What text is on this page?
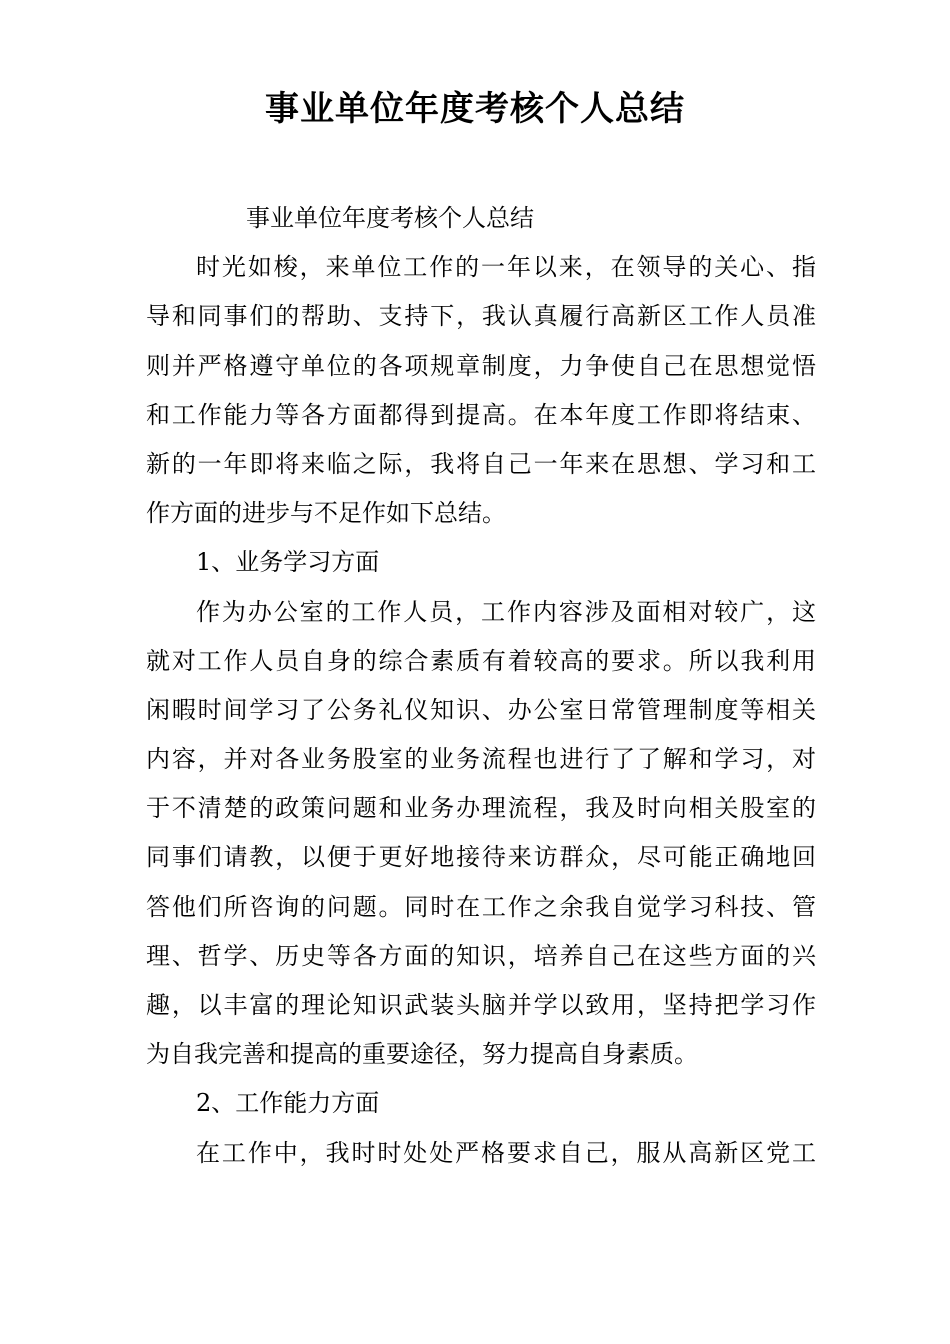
事业单位年度考核个人总结
事业单位年度考核个人总结
时光如梭，来单位工作的一年以来，在领导的关心、指
导和同事们的帮助、支持下，我认真履行高新区工作人员准
则并严格遵守单位的各项规章制度，力争使自己在思想觉悟
和工作能力等各方面都得到提高。在本年度工作即将结束、
新的一年即将来临之际，我将自己一年来在思想、学习和工
作方面的进步与不足作如下总结。
1、业务学习方面
作为办公室的工作人员，工作内容涉及面相对较广，这
就对工作人员自身的综合素质有着较高的要求。所以我利用
闲暇时间学习了公务礼仪知识、办公室日常管理制度等相关
内容，并对各业务股室的业务流程也进行了了解和学习，对
于不清楚的政策问题和业务办理流程，我及时向相关股室的
同事们请教，以便于更好地接待来访群众，尽可能正确地回
答他们所咨询的问题。同时在工作之余我自觉学习科技、管
理、哲学、历史等各方面的知识，培养自己在这些方面的兴
趣，以丰富的理论知识武装头脑并学以致用，坚持把学习作
为自我完善和提高的重要途径，努力提高自身素质。
2、工作能力方面
在工作中，我时时处处严格要求自己，服从高新区党工
